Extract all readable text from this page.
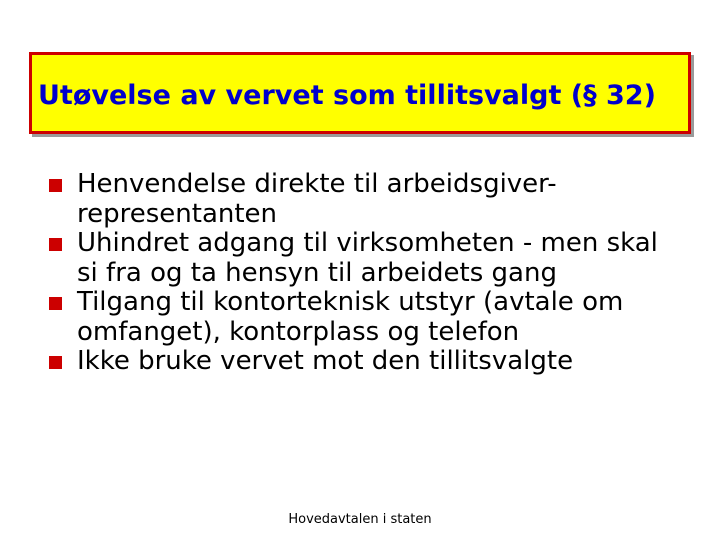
Utøvelse av vervet som tillitsvalgt (§ 32)
Henvendelse direkte til arbeidsgiver-representanten
Uhindret adgang til virksomheten - men skal si fra og ta hensyn til arbeidets gang
Tilgang til kontorteknisk utstyr (avtale om omfanget), kontorplass og telefon
Ikke bruke vervet mot den tillitsvalgte
Hovedavtalen i staten
